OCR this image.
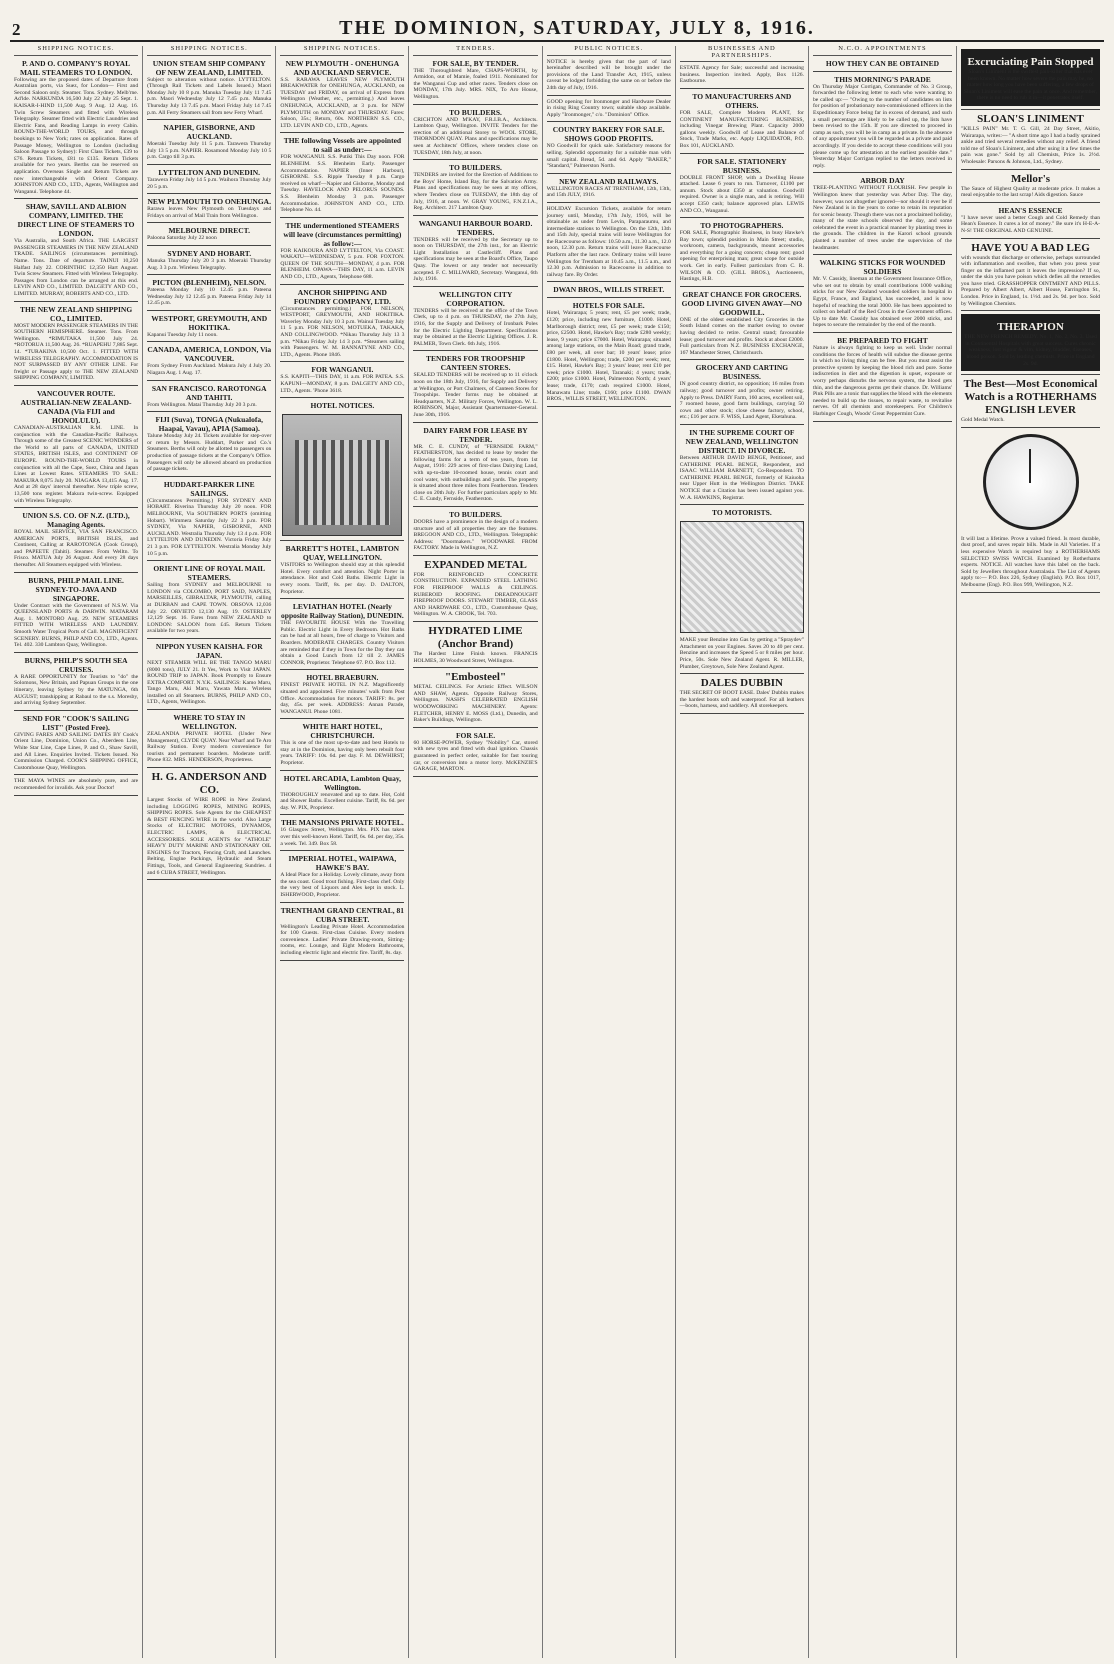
2	THE DOMINION, SATURDAY, JULY 8, 1916.
SHIPPING NOTICES.
P. AND O. COMPANY'S ROYAL MAIL STEAMERS TO LONDON.
Following are the proposed dates of Departure from Australian ports, via Suez, for London— First and Second Saloon only. Steamer. Tons. Sydney. Melb'rne. Ad'lde. NARKUNDA 16,500 July 22 July 25 Sept. 1. KAISAR-I-HIND 11,500 Aug. 9 Aug. 12 Aug. 16. Twin Screw Steamers and fitted with Wireless Telegraphy. Steamer fitted with Electric Laundries and Electric Fans, and Reading Lamps in every Cabin. ROUND-THE-WORLD TOURS, and through bookings to New York; rates on application. Rates of Passage Money, Wellington to London (including Saloon Passage to Sydney): First Class Tickets, £39 to £76. Return Tickets, £81 to £135. Return Tickets available for two years. Berths can be reserved on application. Overseas Single and Return Tickets are now interchangeable with Orient Company. JOHNSTON AND CO., LTD., Agents, Wellington and Wanganui. Telephone 44.
SHAW, SAVILL AND ALBION COMPANY, LIMITED. THE DIRECT LINE OF STEAMERS TO LONDON.
Via Australia, and South Africa. THE LARGEST PASSENGER STEAMERS IN THE NEW ZEALAND TRADE. SAILINGS (circumstances permitting). Name. Tons. Date of departure. TAINUI 10,250 Halfast July 22. CORINTHIC 12,350 Hart August. Twin Screw Steamers. Fitted with Wireless Telegraphy. Passages from London can be arranged at this end. LEVIN AND CO., LIMITED. DALGETY AND CO., LIMITED. MURRAY, ROBERTS AND CO., LTD.
THE NEW ZEALAND SHIPPING CO., LIMITED.
MOST MODERN PASSENGER STEAMERS IN THE SOUTHERN HEMISPHERE. Steamer. Tons. From Wellington. *RIMUTAKA 11,500 July 24. *ROTORUA 11,500 Aug. 26. *RUAPEHU 7,885 Sept. 14. *TURAKINA 10,500 Oct. 1. FITTED WITH WIRELESS TELEGRAPHY. ACCOMMODATION IS NOT SURPASSED BY ANY OTHER LINE. For freight or Passage apply to THE NEW ZEALAND SHIPPING COMPANY, LIMITED.
VANCOUVER ROUTE. AUSTRALIAN-NEW ZEALAND-CANADA (Via FIJI and HONOLULU).
CANADIAN-AUSTRALIAN R.M. LINE. In conjunction with the Canadian-Pacific Railways. Through some of the Greatest SCENIC WONDERS of the World to all parts of CANADA, UNITED STATES, BRITISH ISLES, and CONTINENT OF EUROPE. ROUND-THE-WORLD TOURS in conjunction with all the Cape, Suez, China and Japan Lines at Lowest Rates. STEAMERS TO SAIL: MAKURA 8,075 July 20. NIAGARA 13,415 Aug. 17. And at 28 days' interval thereafter. New triple screw, 13,500 tons register. Makura twin-screw. Equipped with Wireless Telegraphy.
UNION S.S. CO. OF N.Z. (LTD.), Managing Agents.
ROYAL MAIL SERVICE, VIA SAN FRANCISCO. AMERICAN PORTS, BRITISH ISLES, and Continent, Calling at RAROTONGA (Cook Group), and PAPEETE (Tahiti). Steamer. From Welltn. To Frisco. MATUA July 26 August. And every 28 days thereafter. All Steamers equipped with Wireless.
BURNS, PHILP MAIL LINE. SYDNEY-TO-JAVA AND SINGAPORE.
Under Contract with the Government of N.S.W. Via QUEENSLAND PORTS & DARWIN. MATARAM Aug. 1. MONTORO Aug. 29. NEW STEAMERS FITTED WITH WIRELESS AND LAUNDRY. Smooth Water Tropical Ports of Call. MAGNIFICENT SCENERY. BURNS, PHILP AND CO., LTD., Agents. Tel. 402. 330 Lambton Quay, Wellington.
BURNS, PHILP'S SOUTH SEA CRUISES.
A RARE OPPORTUNITY for Tourists to "do" the Solomons, New Britain, and Papuan Groups in the one itinerary, leaving Sydney by the MATUNGA, 6th AUGUST; transhipping at Rabaul to the s.s. Moresby, and arriving Sydney September.
SEND FOR "COOK'S SAILING LIST" (Posted Free).
GIVING FARES AND SAILING DATES BY Cook's Orient Line, Dominion, Union Co., Aberdeen Line, White Star Line, Cape Lines, P. and O., Shaw Savill, and All Lines. Enquiries Invited. Tickets Issued. No Commission Charged. COOK'S SHIPPING OFFICE, Customhouse Quay, Wellington.
THE MAYA WINES are absolutely pure, and are recommended for invalids. Ask your Doctor!
SHIPPING NOTICES.
UNION STEAM SHIP COMPANY OF NEW ZEALAND, LIMITED.
Subject to alteration without notice. LYTTELTON. (Through Rail Tickets and Labels Issued.) Maori Monday July 10 8 p.m. Manuka Tuesday July 11 7.45 p.m. Maori Wednesday July 12 7.45 p.m. Manuka Thursday July 13 7.45 p.m. Maori Friday July 14 7.45 p.m. All Ferry Steamers sail from new Ferry Wharf.
NAPIER, GISBORNE, AND AUCKLAND.
Moeraki Tuesday July 11 5 p.m. Tarawera Thursday July 13 5 p.m. NAPIER. Rosamond Monday July 10 5 p.m. Cargo till 3 p.m.
LYTTELTON AND DUNEDIN.
Tarawera Friday July 14 5 p.m. Waihora Thursday July 20 5 p.m.
NEW PLYMOUTH TO ONEHUNGA.
Rarawa leaves New Plymouth on Tuesdays and Fridays on arrival of Mail Train from Wellington.
MELBOURNE DIRECT.
Paloona Saturday July 22 noon
SYDNEY AND HOBART.
Manuka Thursday July 20 3 p.m. Moeraki Thursday Aug. 3 3 p.m. Wireless Telegraphy.
PICTON (BLENHEIM), NELSON.
Pateena Monday July 10 12.45 p.m. Pateena Wednesday July 12 12.45 p.m. Pateena Friday July 14 12.45 p.m.
WESTPORT, GREYMOUTH, AND HOKITIKA.
Kapanui Tuesday July 11 noon.
CANADA, AMERICA, LONDON, Via VANCOUVER.
From Sydney From Auckland. Makura July 4 July 20. Niagara Aug. 1 Aug. 17.
SAN FRANCISCO. RAROTONGA AND TAHITI.
From Wellington. Matai Thursday July 20 3 p.m.
FIJI (Suva), TONGA (Nukualofa, Haapai, Vavau), APIA (Samoa).
Talune Monday July 24. Tickets available for step-over or return by Messrs. Huddart, Parker and Co.'s Steamers. Berths will only be allotted to passengers on production of passage tickets at the Company's Office. Passengers will only be allowed aboard on production of passage tickets.
HUDDART-PARKER LINE SAILINGS.
(Circumstances Permitting.) FOR SYDNEY AND HOBART. Riverina Thursday July 20 noon. FOR MELBOURNE, Via SOUTHERN PORTS (omitting Hobart). Wimmera Saturday July 22 3 p.m. FOR SYDNEY, Via NAPIER, GISBORNE, AND AUCKLAND. Westralia Thursday July 13 4 p.m. FOR LYTTELTON AND DUNEDIN. Victoria Friday July 21 3 p.m. FOR LYTTELTON. Westralia Monday July 10 5 p.m.
ORIENT LINE OF ROYAL MAIL STEAMERS.
Sailing from SYDNEY and MELBOURNE to LONDON via COLOMBO, PORT SAID, NAPLES, MARSEILLES, GIBRALTAR, PLYMOUTH, calling at DURBAN and CAPE TOWN. ORSOVA 12,036 July 22. ORVIETO 12,130 Aug. 19. OSTERLEY 12,129 Sept. 16. Fares from NEW ZEALAND to LONDON: SALOON from £45. Return Tickets available for two years.
NIPPON YUSEN KAISHA. FOR JAPAN.
NEXT STEAMER WILL BE THE TANGO MARU (8000 tons), JULY 21. It Yes, Work to Visit JAPAN. ROUND TRIP to JAPAN. Book Promptly to Ensure EXTRA COMFORT. N.Y.K. SAILINGS: Kamo Maru, Tango Maru, Aki Maru, Yawata Maru. Wireless installed on all Steamers. BURNS, PHILP AND CO., LTD., Agents, Wellington.
WHERE TO STAY IN WELLINGTON.
ZEALANDIA PRIVATE HOTEL (Under New Management), CLYDE QUAY. Near Wharf and Te Aro Railway Station. Every modern convenience for tourists and permanent boarders. Moderate tariff. Phone 832. MRS. HENDERSON, Proprietress.
H. G. ANDERSON AND CO.
Largest Stocks of WIRE ROPE in New Zealand, including LOGGING ROPES, MINING ROPES, SHIPPING ROPES. Sole Agents for the CHEAPEST & BEST FENCING WIRE in the world. Also Large Stocks of ELECTRIC MOTORS, DYNAMOS, ELECTRIC LAMPS, & ELECTRICAL ACCESSORIES. SOLE AGENTS for "ATHOLE" HEAVY DUTY MARINE AND STATIONARY OIL ENGINES for Tractors, Fencing Craft, and Launches. Belting, Engine Packings, Hydraulic and Steam Fittings, Tools, and General Engineering Sundries. 4 and 6 CUBA STREET, Wellington.
SHIPPING NOTICES.
NEW PLYMOUTH - ONEHUNGA AND AUCKLAND SERVICE.
S.S. RARAWA LEAVES NEW PLYMOUTH BREAKWATER for ONEHUNGA, AUCKLAND, on TUESDAY and FRIDAY, on arrival of Express from Wellington (Weather, etc., permitting.) And leaves ONEHUNGA, AUCKLAND, at 3 p.m. for NEW PLYMOUTH on MONDAY and THURSDAY. Fares: Saloon, 35s.; Return, 60s. NORTHERN S.S. CO., LTD. LEVIN AND CO., LTD., Agents.
THE following Vessels are appointed to sail as under:—
FOR WANGANUI. S.S. Putiki This Day noon. FOR BLENHEIM. S.S. Blenheim Early. Passenger Accommodation. NAPIER (Inner Harbour), GISBORNE. S.S. Rippie Tuesday 8 p.m. Cargo received on wharf—Napier and Gisborne, Monday and Tuesday. HAVELOCK AND PELORUS SOUNDS. S.S. Blenheim Monday 3 p.m. Passenger Accommodation. JOHNSTON AND CO., LTD. Telephone No. 44.
THE undermentioned STEAMERS will leave (circumstances permitting) as follow:—
FOR KAIKOURA AND LYTTELTON, Via COAST. WAKATU—WEDNESDAY, 5 p.m. FOR FOXTON. QUEEN OF THE SOUTH—MONDAY, 4 p.m. FOR BLENHEIM. OPAWA—THIS DAY, 11 a.m. LEVIN AND CO., LTD., Agents, Telephone 688.
ANCHOR SHIPPING AND FOUNDRY COMPANY, LTD.
(Circumstances permitting.) FOR NELSON, WESTPORT, GREYMOUTH, AND HOKITIKA. Waverley Monday July 10 3 p.m. Wainui Tuesday July 11 5 p.m. FOR NELSON, MOTUEKA, TAKAKA, AND COLLINGWOOD. *Nikau Thursday July 13 3 p.m. *Nikau Friday July 14 3 p.m. *Steamers sailing with Passengers. W. M. BANNATYNE AND CO., LTD., Agents. Phone 1846.
FOR WANGANUI.
S.S. KAPITI—THIS DAY, 11 a.m. FOR PATEA. S.S. KAPUNI—MONDAY, 8 p.m. DALGETY AND CO., LTD., Agents. 'Phone 3618.
HOTEL NOTICES.
BARRETT'S HOTEL, LAMBTON QUAY, WELLINGTON.
VISITORS to Wellington should stay at this splendid Hotel. Every comfort and attention. Night Porter in attendance. Hot and Cold Baths. Electric Light in every room. Tariff, 8s. per day. D. DALTON, Proprietor.
LEVIATHAN HOTEL (Nearly opposite Railway Station), DUNEDIN.
THE FAVOURITE HOUSE With the Travelling Public. Electric Light in Every Bedroom. Hot Baths can be had at all hours, free of charge to Visitors and Boarders. MODERATE CHARGES. Country Visitors are reminded that if they in Town for the Day they can obtain a Good Lunch from 12 till 2. JAMES CONNOR, Proprietor. Telephone 67. P.O. Box 112.
HOTEL BRAEBURN.
FINEST PRIVATE HOTEL IN N.Z. Magnificently situated and appointed. Five minutes' walk from Post Office. Accommodation for motors. TARIFF: 8s. per day, 45s. per week. ADDRESS: Annan Parade, WANGANUI. Phone 1081.
WHITE HART HOTEL, CHRISTCHURCH.
This is one of the most up-to-date and best Hotels to stay at in the Dominion, having only been rebuilt four years. TARIFF: 10s. 6d. per day. F. M. DEWHIRST, Proprietor.
HOTEL ARCADIA, Lambton Quay, Wellington.
THOROUGHLY renovated and up to date. Hot, Cold and Shower Baths. Excellent cuisine. Tariff, 8s. 6d. per day. W. PIX, Proprietor.
THE MANSIONS PRIVATE HOTEL.
16 Glasgow Street, Wellington. Mrs. PIX has taken over this well-known Hotel. Tariff, 6s. 6d. per day, 35s. a week. Tel. 349. Box 58.
IMPERIAL HOTEL, WAIPAWA, HAWKE'S BAY.
A Ideal Place for a Holiday. Lovely climate, away from the sea coast. Good trout fishing. First-class chef. Only the very best of Liquors and Ales kept in stock. L. ISHERWOOD, Proprietor.
TRENTHAM GRAND CENTRAL, 81 CUBA STREET.
Wellington's Leading Private Hotel. Accommodation for 100 Guests. First-class Cuisine. Every modern convenience. Ladies' Private Drawing-room, Sitting-rooms, etc. Lounge, and Eight Modern Bathrooms, including electric light and electric fire. Tariff, 8s. day.
TENDERS.
FOR SALE, BY TENDER.
THE Thoroughbred Mare, CHAPS-WORTH, by Armidon, out of Mamie, foaled 1911. Nominated for the Wanganui Cup and other races. Tenders close on MONDAY, 17th July. MRS. NIX, To Aro House, Wellington.
TO BUILDERS.
CRICHTON AND M'KAY, F.R.I.B.A., Architects. Lambton Quay, Wellington. INVITE Tenders for the erection of an additional Storey to WOOL STORE, THORNDON QUAY. Plans and specifications may be seen at Architects' Offices, where tenders close on TUESDAY, 18th July, at noon.
TO BUILDERS.
TENDERS are invited for the Erection of Additions to the Boys' Home, Island Bay, for the Salvation Army. Plans and specifications may be seen at my offices, where Tenders close on TUESDAY, the 18th day of July, 1916, at noon. W. GRAY YOUNG, F.N.Z.I.A., Reg. Architect. 217 Lambton Quay.
WANGANUI HARBOUR BOARD. TENDERS.
TENDERS will be received by the Secretary up to noon on THURSDAY, the 27th inst., for an Electric Light Installation at Castlecliff. Plans and specifications may be seen at the Board's Office, Taupo Quay. The lowest or any tender not necessarily accepted. F. C. MILLWARD, Secretary. Wanganui, 6th July, 1916.
WELLINGTON CITY CORPORATION.
TENDERS will be received at the office of the Town Clerk, up to 4 p.m. on THURSDAY, the 27th July, 1916, for the Supply and Delivery of Ironbark Poles for the Electric Lighting Department. Specifications may be obtained at the Electric Lighting Offices. J. R. PALMER, Town Clerk. 6th July, 1916.
TENDERS FOR TROOPSHIP CANTEEN STORES.
SEALED TENDERS will be received up to 11 o'clock noon on the 18th July, 1916, for Supply and Delivery at Wellington, or Port Chalmers, of Canteen Stores for Troopships. Tender forms may be obtained at Headquarters, N.Z. Military Forces, Wellington. W. L. ROBINSON, Major, Assistant Quartermaster-General. June 30th, 1916.
DAIRY FARM FOR LEASE BY TENDER.
MR. C. E. CUNDY, of "FERNSIDE FARM," FEATHERSTON, has decided to lease by tender the following farms for a term of ten years, from 1st August, 1916: 229 acres of first-class Dairying Land, with up-to-date 10-roomed house, tennis court and cool water, with outbuildings and yards. The property is situated about three miles from Featherston. Tenders close on 20th July. For further particulars apply to Mr. C. E. Cundy, Fernside, Featherston.
TO BUILDERS.
DOORS have a prominence in the design of a modern structure and of all properties they are the features. BREGOON AND CO., LTD., Wellington. Telegraphic Address: "Doormakers." WOODWARE FROM FACTORY. Made in Wellington, N.Z.
EXPANDED METAL
FOR REINFORCED CONCRETE CONSTRUCTION. EXPANDED STEEL LATHING FOR FIREPROOF WALLS & CEILINGS. RUBEROID ROOFING. DREADNOUGHT FIREPROOF DOORS. STEWART TIMBER, GLASS AND HARDWARE CO., LTD., Customhouse Quay, Wellington. W. A. CROOK, Tel. 703.
HYDRATED LIME (Anchor Brand)
The Hardest Lime Finish known. FRANCIS HOLMES, 30 Woodward Street, Wellington.
"Embosteel"
METAL CEILINGS. For Artistic Effect. WILSON AND SHAW, Agents. Opposite Railway Stores, Wellington. NASH'S CELEBRATED ENGLISH WOODWORKING MACHINERY. Agents: FLETCHER, HENRY E. MOSS (Ltd.), Dunedin, and Baker's Buildings, Wellington.
FOR SALE.
60 HORSE-POWER, Sydney "Nobility" Car, stored with new tyres and fitted with dual ignition. Chassis guaranteed in perfect order, suitable for fast touring car, or conversion into a motor lorry. McKENZIE'S GARAGE, MARTON.
PUBLIC NOTICES.
NOTICE is hereby given that the part of land hereinafter described will be brought under the provisions of the Land Transfer Act, 1915, unless caveat be lodged forbidding the same on or before the 24th day of July, 1916.
GOOD opening for Ironmonger and Hardware Dealer in rising Ring Country town; suitable shop available. Apply "Ironmonger," c/o. "Dominion" Office.
COUNTRY BAKERY FOR SALE. SHOWS GOOD PROFITS.
NO Goodwill for quick sale. Satisfactory reasons for selling. Splendid opportunity for a suitable man with small capital. Bread, 5d. and 6d. Apply "BAKER," "Standard," Palmerston North.
NEW ZEALAND RAILWAYS.
WELLINGTON RACES AT TRENTHAM, 12th, 13th, and 15th JULY, 1916.
HOLIDAY Excursion Tickets, available for return journey until, Monday, 17th July, 1916, will be obtainable as under from Levin, Paraparaumu, and intermediate stations to Wellington. On the 12th, 13th and 15th July, special trains will leave Wellington for the Racecourse as follows: 10.50 a.m., 11.30 a.m., 12.0 noon, 12.30 p.m. Return trains will leave Racecourse Platform after the last race. Ordinary trains will leave Wellington for Trentham at 10.45 a.m., 11.5 a.m., and 12.30 p.m. Admission to Racecourse in addition to railway fare. By Order.
DWAN BROS., WILLIS STREET.
HOTELS FOR SALE.
Hotel, Wairarapa; 5 years; rent, £5 per week; trade, £120; price, including new furniture, £1000. Hotel, Marlborough district; rent, £5 per week; trade £150; price, £2500. Hotel, Hawke's Bay; trade £280 weekly; lease, 9 years; price £7000. Hotel, Wairarapa; situated among large stations, on the Main Road; grand trade, £80 per week, all over bar; 10 years' lease; price £1800. Hotel, Wellington; trade, £200 per week; rent, £15. Hotel, Hawke's Bay; 3 years' lease; rent £10 per week; price £1000. Hotel, Taranaki; 4 years; trade, £200; price £1000. Hotel, Palmerston North; 4 years' lease; trade, £170; cash required £1000. Hotel, Manawatu Line; trade, £160; price £1100. DWAN BROS., WILLIS STREET, WELLINGTON.
BUSINESSES AND PARTNERSHIPS.
ESTATE Agency for Sale; successful and increasing business. Inspection invited. Apply, Box 1126. Eastbourne.
TO MANUFACTURERS AND OTHERS.
FOR SALE, Complete Modern PLANT, for CONTINENT MANUFACTURING BUSINESS, including Vinegar Brewing Plant. Capacity 2000 gallons weekly. Goodwill of Lease and Balance of Stock, Trade Marks, etc. Apply LIQUIDATOR, P.O. Box 101, AUCKLAND.
FOR SALE. STATIONERY BUSINESS.
DOUBLE FRONT SHOP, with a Dwelling House attached. Lease 6 years to run. Turnover, £1100 per annum. Stock about £350 at valuation. Goodwill required. Owner is a single man, and is retiring. Will accept £350 cash; balance approved plan. LEWIS AND CO., Wanganui.
TO PHOTOGRAPHERS.
FOR SALE, Photographic Business, in busy Hawke's Bay town; splendid position in Main Street; studio, workroom, camera, backgrounds, mount accessories and everything for a going concern; cheap rent; good opening for enterprising man; great scope for outside work. Get in early. Fullest particulars from C. R. WILSON & CO. (GILL BROS.), Auctioneers, Hastings, H.B.
GREAT CHANCE FOR GROCERS. GOOD LIVING GIVEN AWAY—NO GOODWILL.
ONE of the oldest established City Groceries in the South Island comes on the market owing to owner having decided to retire. Central stand; favourable lease; good turnover and profits. Stock at about £2000. Full particulars from N.Z. BUSINESS EXCHANGE, 167 Manchester Street, Christchurch.
GROCERY AND CARTING BUSINESS.
IN good country district, no opposition; 16 miles from railway; good turnover and profits; owner retiring. Apply to Press. DAIRY Farm, 160 acres, excellent soil, 7 roomed house, good farm buildings, carrying 50 cows and other stock; close cheese factory, school, etc.; £16 per acre. F. WISS, Land Agent, Eketahuna.
IN THE SUPREME COURT OF NEW ZEALAND, WELLINGTON DISTRICT. IN DIVORCE.
Between ARTHUR DAVID BENGE, Petitioner, and CATHERINE PEARL BENGE, Respondent, and ISAAC WILLIAM BARNETT, Co-Respondent. TO CATHERINE PEARL BENGE, formerly of Kaiuoha near Upper Hutt in the Wellington District. TAKE NOTICE that a Citation has been issued against you. W. A. HAWKINS, Registrar.
TO MOTORISTS.
MAKE your Benzine into Gas by getting a "Spraydev" Attachment on your Engines. Saves 20 to 40 per cent. Benzine and increases the Speed 5 or 8 miles per hour. Price, 50s. Sole New Zealand Agent. R. MILLER, Plumber, Greytown, Sole New Zealand Agent.
DALES DUBBIN
THE SECRET OF BOOT EASE. Dales' Dubbin makes the hardest boots soft and waterproof. For all leathers—boots, harness, and saddlery. All storekeepers.
N.C.O. APPOINTMENTS
HOW THEY CAN BE OBTAINED
THIS MORNING'S PARADE
On Thursday Major Corrigan, Commander of No. 3 Group, forwarded the following letter to each who were wanting to be called up:— "Owing to the number of candidates on lists for position of probationary non-commissioned officers in the Expeditionary Force being far in excess of demand, and such a small percentage are likely to be called up, the lists have been revised to the 15th. If you are directed to proceed in camp as such, you will be in camp as a private. In the absence of any appointment you will be regarded as a private and paid accordingly. If you decide to accept these conditions will you please come up for attestation at the earliest possible date." Yesterday Major Corrigan replied to the letters received in reply.
ARBOR DAY
TREE-PLANTING WITHOUT FLOURISH. Few people in Wellington knew that yesterday was Arbor Day. The day, however, was not altogether ignored—nor should it ever be if New Zealand is in the years to come to retain its reputation for scenic beauty. Though there was not a proclaimed holiday, many of the state schools observed the day, and some celebrated the event in a practical manner by planting trees in the grounds. The children in the Karori school grounds planted a number of trees under the supervision of the headmaster.
WALKING STICKS FOR WOUNDED SOLDIERS
Mr. V. Cassidy, lineman at the Government Insurance Office, who set out to obtain by small contributions 1000 walking sticks for our New Zealand wounded soldiers in hospital in Egypt, France, and England, has succeeded, and is now hopeful of reaching the total 3000. He has been appointed to collect on behalf of the Red Cross in the Government offices. Up to date Mr. Cassidy has obtained over 2000 sticks, and hopes to secure the remainder by the end of the month.
BE PREPARED TO FIGHT
Nature is always fighting to keep us well. Under normal conditions the forces of health will subdue the disease germs in which no living thing can be free. But you must assist the protective system by keeping the blood rich and pure. Some indiscretion in diet and the digestion is upset, exposure or worry perhaps disturbs the nervous system, the blood gets thin, and the dangerous germs get their chance. Dr. Williams' Pink Pills are a tonic that supplies the blood with the elements needed to build up the tissues, to repair waste, to revitalise nerves. Of all chemists and storekeepers. For Children's Harbinger Cough, Woods' Great Peppermint Cure.
Excruciating Pain Stopped
Sloan's Liniment is the swiftest pain-killer that has ever been known. No matter how severe the pain may be, no matter how long you have been suffering, a few drops of Sloan's Liniment will ease the pain at once. And remember, there is no need to rub it in—it penetrates itself.
SLOAN'S LINIMENT
"KILLS PAIN" Mr. T. G. Gill, 24 Day Street, Akitio, Wairarapa, writes:— "A short time ago I had a badly sprained ankle and tried several remedies without any relief. A friend told me of Sloan's Liniment, and after using it a few times the pain was gone." Sold by all Chemists, Price 1s. 2½d. Wholesale: Parsons & Johnson, Ltd., Sydney.
Mellor's
The Sauce of Highest Quality at moderate price. It makes a meal enjoyable to the last scrap! Aids digestion. Sauce
HEAN'S ESSENCE
"I have never used a better Cough and Cold Remedy than Hean's Essence. It cures a lot of money." Be sure it's H-E-A-N-S! THE ORIGINAL AND GENUINE.
HAVE YOU A BAD LEG
with wounds that discharge or otherwise, perhaps surrounded with inflammation and swollen, that when you press your finger on the inflamed part it leaves the impression? If so, under the skin you have poison which defies all the remedies you have tried. GRASSHOPPER OINTMENT AND PILLS. Prepared by Albert Albert, Albert House, Farringdon St., London. Price in England, 1s. 1½d. and 2s. 9d. per box. Sold by Wellington Chemists.
THERAPION
THE NEW FRENCH REMEDY. No. 1, No. 2, No. 3. Used in Continental Hospitals with great success. Cures chronic weakness, lost vigour & vim, kidney, bladder, diseases, blood poison. Sold by leading chemists. Price in England 2s. 9d.
The Best—Most Economical Watch is a ROTHERHAMS ENGLISH LEVER
Gold Medal Watch.
It will last a lifetime. Prove a valued friend. Is most durable, dust proof, and saves repair bills. Made in All Varieties. If a less expensive Watch is required buy a ROTHERHAMS SELECTED SWISS WATCH. Examined by Rotherhams experts. NOTICE. All watches have this label on the back. Sold by Jewellers throughout Australasia. The List of Agents apply to:— P.O. Box 226, Sydney (English). P.O. Box 1017, Melbourne (Eng). P.O. Box 999, Wellington, N.Z.
